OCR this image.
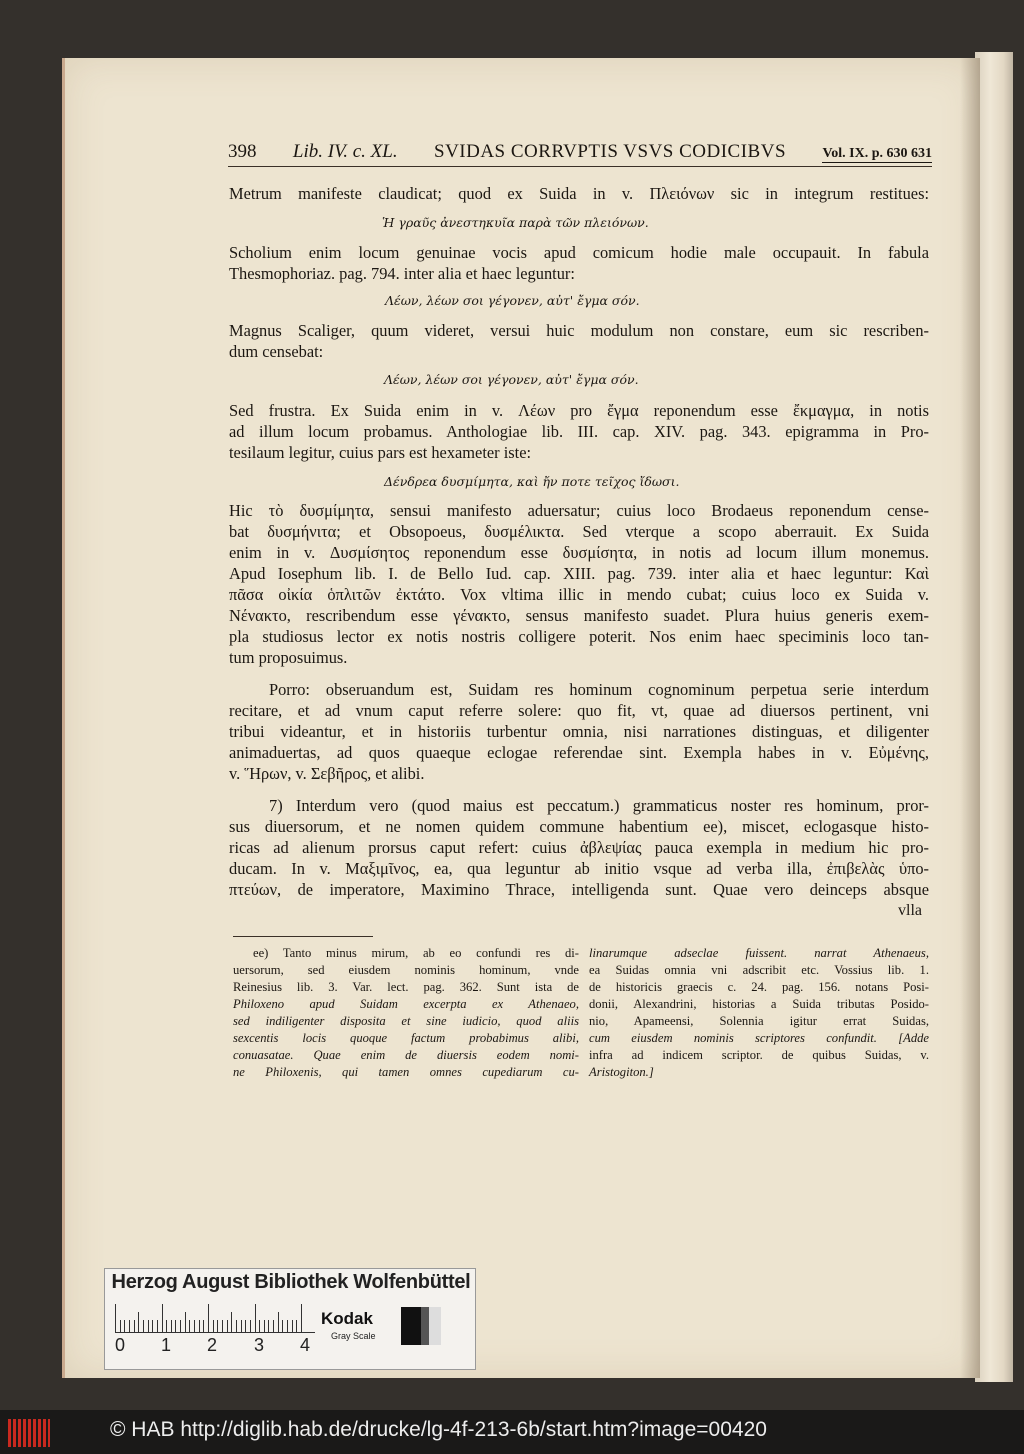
398 Lib. IV. c. XL. SVIDAS CORRVPTIS VSVS CODICIBVS	Vol. IX. p. 630 631
Metrum manifeste claudicat; quod ex Suida in v. Πλειόνων sic in integrum restitues:
Ἡ γραῦς ἀνεστηκυῖα παρὰ τῶν πλειόνων.
Scholium enim locum genuinae vocis apud comicum hodie male occupauit. In fabula
Thesmophoriaz. pag. 794. inter alia et haec leguntur:
Λέων, λέων σοι γέγονεν, αὐτ' ἔγμα σόν.
Magnus Scaliger, quum videret, versui huic modulum non constare, eum sic rescriben-
dum censebat:
Λέων, λέων σοι γέγονεν, αὐτ' ἔγμα σόν.
Sed frustra. Ex Suida enim in v. Λέων pro ἔγμα reponendum esse ἔκμαγμα, in notis
ad illum locum probamus. Anthologiae lib. III. cap. XIV. pag. 343. epigramma in Pro-
tesilaum legitur, cuius pars est hexameter iste:
Δένδρεα δυσμίμητα, καὶ ἤν ποτε τεῖχος ἴδωσι.
Hic τὸ δυσμίμητα, sensui manifesto aduersatur; cuius loco Brodaeus reponendum cense-
bat δυσμήνιτα; et Obsopoeus, δυσμέλικτα. Sed vterque a scopo aberrauit. Ex Suida
enim in v. Δυσμίσητος reponendum esse δυσμίσητα, in notis ad locum illum monemus.
Apud Iosephum lib. I. de Bello Iud. cap. XIII. pag. 739. inter alia et haec leguntur: Καὶ
πᾶσα οἰκία ὁπλιτῶν ἐκτάτο. Vox vltima illic in mendo cubat; cuius loco ex Suida v.
Νένακτο, rescribendum esse γένακτο, sensus manifesto suadet. Plura huius generis exem-
pla studiosus lector ex notis nostris colligere poterit. Nos enim haec speciminis loco tan-
tum proposuimus.
Porro: obseruandum est, Suidam res hominum cognominum perpetua serie interdum
recitare, et ad vnum caput referre solere: quo fit, vt, quae ad diuersos pertinent, vni
tribui videantur, et in historiis turbentur omnia, nisi narrationes distinguas, et diligenter
animaduertas, ad quos quaeque eclogae referendae sint. Exempla habes in v. Εὐμένης,
v. Ἥρων, v. Σεβῆρος, et alibi.
7) Interdum vero (quod maius est peccatum.) grammaticus noster res hominum, pror-
sus diuersorum, et ne nomen quidem commune habentium ee), miscet, eclogasque histo-
ricas ad alienum prorsus caput refert: cuius ἀβλεψίας pauca exempla in medium hic pro-
ducam. In v. Μαξιμῖνος, ea, qua leguntur ab initio vsque ad verba illa, ἐπιβελὰς ὑπο-
πτεύων, de imperatore, Maximino Thrace, intelligenda sunt. Quae vero deinceps absque
vlla
ee) Tanto minus mirum, ab eo confundi res di-
uersorum, sed eiusdem nominis hominum, vnde
Reinesius lib. 3. Var. lect. pag. 362. Sunt ista de
Philoxeno apud Suidam excerpta ex Athenaeo,
sed indiligenter disposita et sine iudicio, quod aliis
sexcentis locis quoque factum probabimus alibi,
conuasatae. Quae enim de diuersis eodem nomi-
ne Philoxenis, qui tamen omnes cupediarum cu-
linarumque adseclae fuissent. narrat Athenaeus,
ea Suidas omnia vni adscribit etc. Vossius lib. 1.
de historicis graecis c. 24. pag. 156. notans Posi-
donii, Alexandrini, historias a Suida tributas Posido-
nio, Apameensi, Solennia igitur errat Suidas,
cum eiusdem nominis scriptores confundit. [Adde
infra ad indicem scriptor. de quibus Suidas, v.
Aristogiton.]
Herzog August Bibliothek Wolfenbüttel
0 1 2 3 4
Kodak
Gray Scale
© HAB http://diglib.hab.de/drucke/lg-4f-213-6b/start.htm?image=00420
